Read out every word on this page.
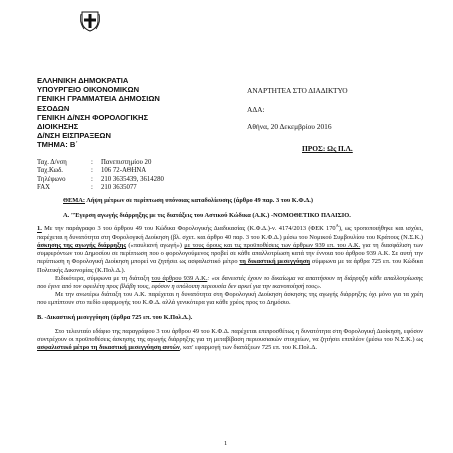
ΕΛΛΗΝΙΚΗ ΔΗΜΟΚΡΑΤΙΑ
ΥΠΟΥΡΓΕΙΟ ΟΙΚΟΝΟΜΙΚΩΝ
ΓΕΝΙΚΗ ΓΡΑΜΜΑΤΕΙΑ ΔΗΜΟΣΙΩΝ
ΕΣΟΔΩΝ
ΓΕΝΙΚΗ Δ/ΝΣΗ ΦΟΡΟΛΟΓΙΚΗΣ
ΔΙΟΙΚΗΣΗΣ
Δ/ΝΣΗ ΕΙΣΠΡΑΞΕΩΝ
ΤΜΗΜΑ: Β΄
ΑΝΑΡΤΗΤΕΑ ΣΤΟ ΔΙΑΔΙΚΤΥΟ
ΑΔΑ:
Αθήνα, 20 Δεκεμβρίου 2016
ΠΡΟΣ: Ως Π.Λ.
Ταχ. Δ/νση	:	Πανεπιστημίου 20
Ταχ.Κωδ.	:	106 72-ΑΘΗΝΑ
Τηλέφωνο	:	210 3635439, 3614280
FAX	:	210 3635077

ΘΕΜΑ: Λήψη μέτρων σε περίπτωση υπόνοιας καταδολίευσης (άρθρο 49 παρ. 3 του Κ.Φ.Δ.)

Α. "Έγερση αγωγής διάρρηξης με τις διατάξεις του Αστικού Κώδικα (Α.Κ.) -ΝΟΜΟΘΕΤΙΚΟ ΠΛΑΙΣΙΟ.

1. Με την παράγραφο 3 του άρθρου 49 του Κώδικα Φορολογικής Διαδικασίας (Κ.Φ.Δ.)-ν. 4174/2013 (ΦΕΚ $170^A$), ως τροποποιήθηκε και ισχύει, παρέχεται η δυνατότητα στη Φορολογική Διοίκηση (βλ. σχετ. και άρθρο 40 παρ. 3 του Κ.Φ.Δ.) μέσω του Νομικού Συμβουλίου του Κράτους (Ν.Σ.Κ.) άσκησης της αγωγής διάρρηξης («παυλιανή αγωγή») με τους όρους και τις προϋποθέσεις των άρθρων 939 επ. του Α.Κ. για τη διασφάλιση των συμφερόντων του Δημοσίου σε περίπτωση που ο φορολογούμενος προβεί σε κάθε απαλλοτρίωση κατά την έννοια του άρθρου 939 Α.Κ. Σε αυτή την περίπτωση η Φορολογική Διοίκηση μπορεί να ζητήσει ως ασφαλιστικό μέτρο τη δικαστική μεσεγγύηση σύμφωνα με τα άρθρα 725 επ. του Κώδικα Πολιτικής Δικονομίας (Κ.Πολ.Δ.).

Ειδικότερα, σύμφωνα με τη διάταξη του άρθρου 939 Α.Κ.: «οι δανειστές έχουν το δικαίωμα να απαιτήσουν τη διάρρηξη κάθε απαλλοτρίωσης που έγινε από τον οφειλέτη προς βλάβη τους, εφόσον η υπόλοιπη περιουσία δεν αρκεί για την ικανοποίησή τους».

Με την ανωτέρω διάταξη του Α.Κ. παρέχεται η δυνατότητα στη Φορολογική Διοίκηση άσκησης της αγωγής διάρρηξης όχι μόνο για τα χρέη που εμπίπτουν στο πεδίο εφαρμογής του Κ.Φ.Δ. αλλά γενικότερα για κάθε χρέος προς το Δημόσιο.

Β. -Δικαστική μεσεγγύηση (άρθρα 725 επ. του Κ.Πολ.Δ.).

Στο τελευταίο εδάφιο της παραγράφου 3 του άρθρου 49 του Κ.Φ.Δ. παρέχεται επιπροσθέτως η δυνατότητα στη Φορολογική Διοίκηση, εφόσον συντρέχουν οι προϋποθέσεις άσκησης της αγωγής διάρρηξης για τη μεταβίβαση περιουσιακών στοιχείων, να ζητήσει επιπλέον (μέσω του Ν.Σ.Κ.) ως ασφαλιστικό μέτρο τη δικαστική μεσεγγύηση αυτών, κατ' εφαρμογή των διατάξεων 725 επ. του Κ.Πολ.Δ.

1
